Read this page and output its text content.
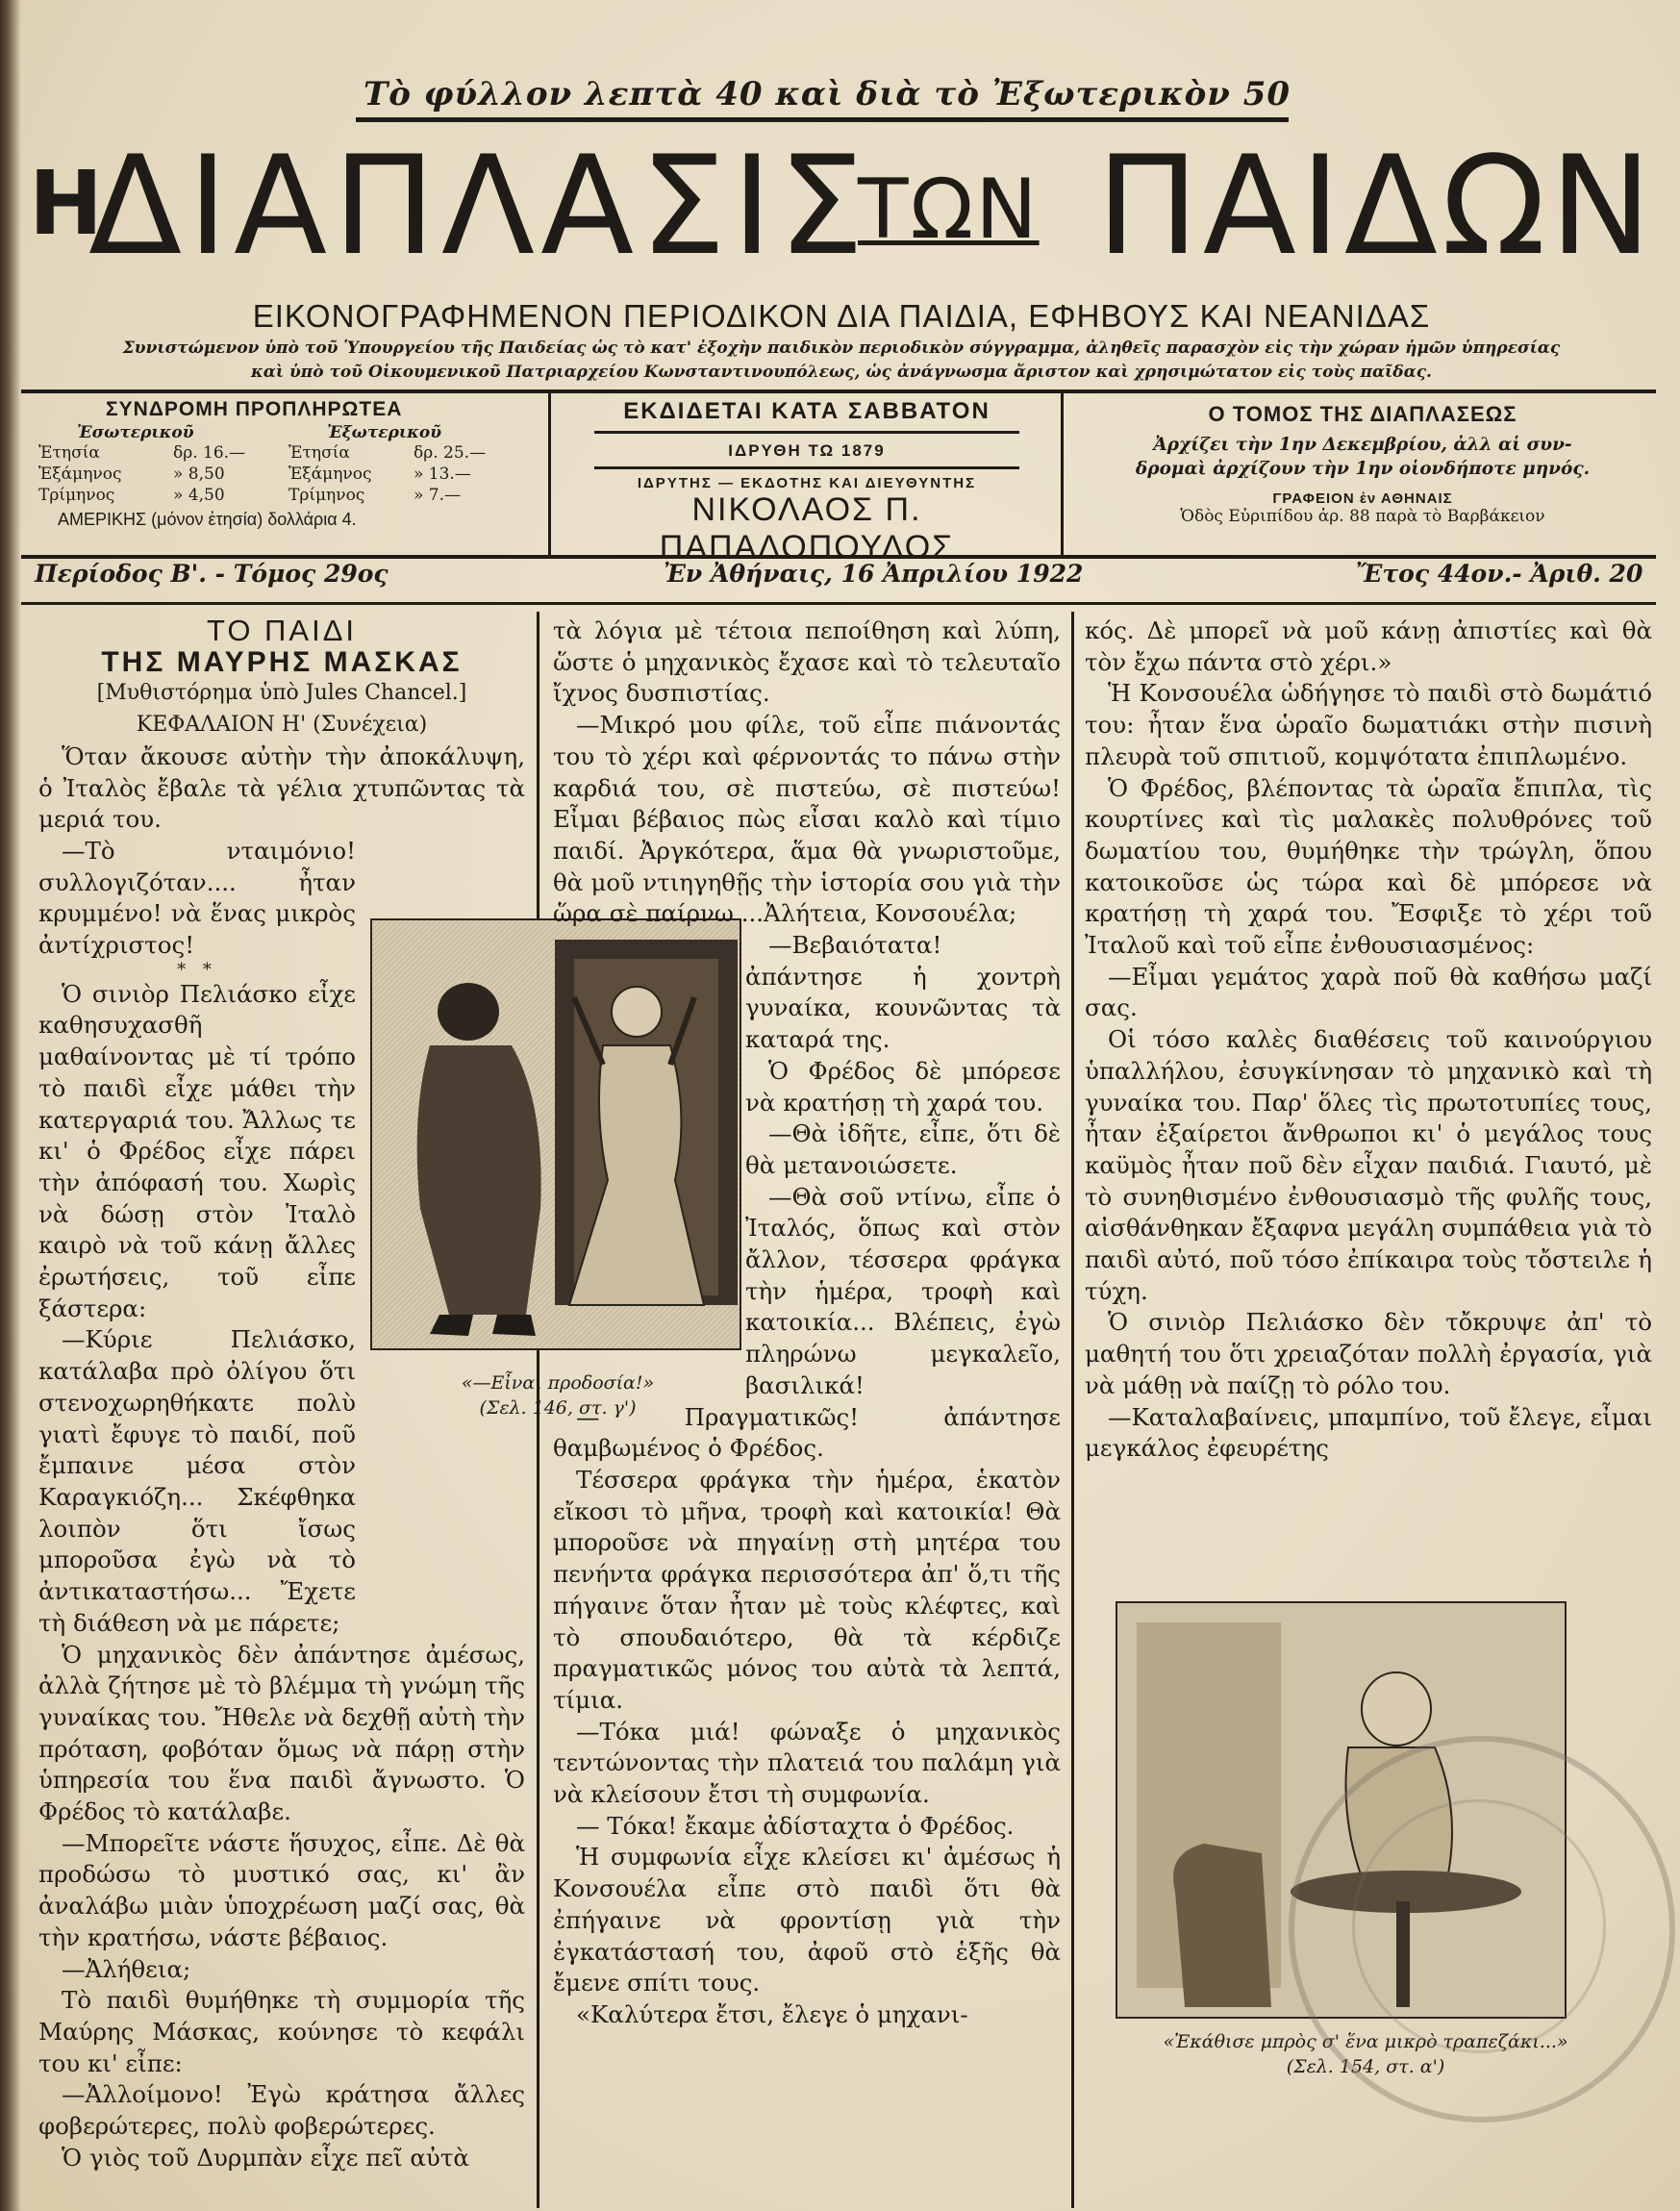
Τὸ φύλλον λεπτὰ 40 καὶ διὰ τὸ Ἐξωτερικὸν 50
Η
ΔΙΑΠΛΑΣΙΣ
ΤΩΝ ΠΑΙΔΩΝ
ΕΙΚΟΝΟΓΡΑΦΗΜΕΝΟΝ ΠΕΡΙΟΔΙΚΟΝ ΔΙΑ ΠΑΙΔΙΑ, ΕΦΗΒΟΥΣ ΚΑΙ ΝΕΑΝΙΔΑΣ
Συνιστώμενον ὑπὸ τοῦ Ὑπουργείου τῆς Παιδείας ὡς τὸ κατ' ἐξοχὴν παιδικὸν περιοδικὸν σύγγραμμα, ἀληθεῖς παρασχὸν εἰς τὴν χώραν ἡμῶν ὑπηρεσίας
καὶ ὑπὸ τοῦ Οἰκουμενικοῦ Πατριαρχείου Κωνσταντινουπόλεως, ὡς ἀνάγνωσμα ἄριστον καὶ χρησιμώτατον εἰς τοὺς παῖδας.
ΣΥΝΔΡΟΜΗ ΠΡΟΠΛΗΡΩΤΕΑ
Ἐσωτερικοῦ
Ἐτησία	δρ. 16.—
Ἑξάμηνος	» 8,50
Τρίμηνος	» 4,50
Ἐξωτερικοῦ
Ἐτησία	δρ. 25.—
Ἑξάμηνος	» 13.—
Τρίμηνος	» 7.—
ΑΜΕΡΙΚΗΣ (μόνον ἐτησία) δολλάρια 4.
ΕΚΔΙΔΕΤΑΙ ΚΑΤΑ ΣΑΒΒΑΤΟΝ
ΙΔΡΥΘΗ ΤΩ 1879
ΙΔΡΥΤΗΣ — ΕΚΔΟΤΗΣ ΚΑΙ ΔΙΕΥΘΥΝΤΗΣ
ΝΙΚΟΛΑΟΣ Π. ΠΑΠΑΔΟΠΟΥΛΟΣ
Ο ΤΟΜΟΣ ΤΗΣ ΔΙΑΠΛΑΣΕΩΣ
Ἀρχίζει τὴν 1ην Δεκεμβρίου, ἀλλ αἱ συν-
δρομαὶ ἀρχίζουν τὴν 1ην οἱονδήποτε μηνός.
ΓΡΑΦΕΙΟΝ ἐν ΑΘΗΝΑΙΣ
Ὁδὸς Εὐριπίδου ἀρ. 88 παρὰ τὸ Βαρβάκειον
Περίοδος Β'. - Τόμος 29ος	Ἐν Ἀθήναις, 16 Ἀπριλίου 1922	Ἔτος 44ον.- Ἀριθ. 20
ΤΟ ΠΑΙΔΙ
ΤΗΣ ΜΑΥΡΗΣ ΜΑΣΚΑΣ
[Μυθιστόρημα ὑπὸ Jules Chancel.]
ΚΕΦΑΛΑΙΟΝ Η' (Συνέχεια)

Ὅταν ἄκουσε αὐτὴν τὴν ἀποκάλυψη, ὁ Ἰταλὸς ἔβαλε τὰ γέλια χτυπῶντας τὰ μεριά του.

—Τὸ νταιμόνιο! συλλογιζόταν.... ἦταν κρυμμένο! νὰ ἕνας μικρὸς ἀντίχριστος!

* *

Ὁ σινιὸρ Πελιάσκο εἶχε καθησυχασθῆ μαθαίνοντας μὲ τί τρόπο τὸ παιδὶ εἶχε μάθει τὴν κατεργαριά του. Ἄλλως τε κι' ὁ Φρέδος εἶχε πάρει τὴν ἀπόφασή του. Χωρὶς νὰ δώσῃ στὸν Ἰταλὸ καιρὸ νὰ τοῦ κάνῃ ἄλλες ἐρωτήσεις, τοῦ εἶπε ξάστερα:

—Κύριε Πελιάσκο, κατάλαβα πρὸ ὀλίγου ὅτι στενοχωρηθήκατε πολὺ γιατὶ ἔφυγε τὸ παιδί, ποῦ ἔμπαινε μέσα στὸν Καραγκιόζη... Σκέφθηκα λοιπὸν ὅτι ἴσως μποροῦσα ἐγὼ νὰ τὸ ἀντικαταστήσω... Ἔχετε τὴ διάθεση νὰ με πάρετε;

Ὁ μηχανικὸς δὲν ἀπάντησε ἀμέσως, ἀλλὰ ζήτησε μὲ τὸ βλέμμα τὴ γνώμη τῆς γυναίκας του. Ἤθελε νὰ δεχθῇ αὐτὴ τὴν πρόταση, φοβόταν ὅμως νὰ πάρῃ στὴν ὑπηρεσία του ἕνα παιδὶ ἄγνωστο. Ὁ Φρέδος τὸ κατάλαβε.

—Μπορεῖτε νάστε ἥσυχος, εἶπε. Δὲ θὰ προδώσω τὸ μυστικό σας, κι' ἂν ἀναλάβω μιὰν ὑποχρέωση μαζί σας, θὰ τὴν κρατήσω, νάστε βέβαιος.

—Ἀλήθεια;

Τὸ παιδὶ θυμήθηκε τὴ συμμορία τῆς Μαύρης Μάσκας, κούνησε τὸ κεφάλι του κι' εἶπε:

—Ἀλλοίμονο! Ἐγὼ κράτησα ἄλλες φοβερώτερες, πολὺ φοβερώτερες.

Ὁ γιὸς τοῦ Δυρμπὰν εἶχε πεῖ αὐτὰ

«—Εἶναι προδοσία!»
(Σελ. 146, στ. γ')

τὰ λόγια μὲ τέτοια πεποίθηση καὶ λύπη, ὥστε ὁ μηχανικὸς ἔχασε καὶ τὸ τελευταῖο ἴχνος δυσπιστίας.

—Μικρό μου φίλε, τοῦ εἶπε πιάνοντάς του τὸ χέρι καὶ φέρνοντάς το πάνω στὴν καρδιά του, σὲ πιστεύω, σὲ πιστεύω! Εἶμαι βέβαιος πὼς εἶσαι καλὸ καὶ τίμιο παιδί. Ἀργκότερα, ἅμα θὰ γνωριστοῦμε, θὰ μοῦ ντιηγηθῇς τὴν ἱστορία σου γιὰ τὴν ὥρα σὲ παίρνω ...Ἀλήτεια, Κονσουέλα;

—Βεβαιότατα! ἀπάντησε ἡ χοντρὴ γυναίκα, κουνῶντας τὰ καταρά της.

Ὁ Φρέδος δὲ μπόρεσε νὰ κρατήσῃ τὴ χαρά του.

—Θὰ ἰδῆτε, εἶπε, ὅτι δὲ θὰ μετανοιώσετε.

—Θὰ σοῦ ντίνω, εἶπε ὁ Ἰταλός, ὅπως καὶ στὸν ἄλλον, τέσσερα φράγκα τὴν ἡμέρα, τροφὴ καὶ κατοικία... Βλέπεις, ἐγὼ πληρώνω μεγκαλεῖο, βασιλικά!

— Πραγματικῶς! ἀπάντησε θαμβωμένος ὁ Φρέδος.

Τέσσερα φράγκα τὴν ἡμέρα, ἑκατὸν εἴκοσι τὸ μῆνα, τροφὴ καὶ κατοικία! Θὰ μποροῦσε νὰ πηγαίνῃ στὴ μητέρα του πενήντα φράγκα περισσότερα ἀπ' ὅ,τι τῆς πήγαινε ὅταν ἦταν μὲ τοὺς κλέφτες, καὶ τὸ σπουδαιότερο, θὰ τὰ κέρδιζε πραγματικῶς μόνος του αὐτὰ τὰ λεπτά, τίμια.

—Τόκα μιά! φώναξε ὁ μηχανικὸς τεντώνοντας τὴν πλατειά του παλάμη γιὰ νὰ κλείσουν ἔτσι τὴ συμφωνία.

— Τόκα! ἔκαμε ἀδίσταχτα ὁ Φρέδος.

Ἡ συμφωνία εἶχε κλείσει κι' ἀμέσως ἡ Κονσουέλα εἶπε στὸ παιδὶ ὅτι θὰ ἐπήγαινε νὰ φροντίσῃ γιὰ τὴν ἐγκατάστασή του, ἀφοῦ στὸ ἑξῆς θὰ ἔμενε σπίτι τους.

«Καλύτερα ἔτσι, ἔλεγε ὁ μηχανι-

κός. Δὲ μπορεῖ νὰ μοῦ κάνῃ ἀπιστίες καὶ θὰ τὸν ἔχω πάντα στὸ χέρι.»

Ἡ Κονσουέλα ὡδήγησε τὸ παιδὶ στὸ δωμάτιό του: ἦταν ἕνα ὡραῖο δωματιάκι στὴν πισινὴ πλευρὰ τοῦ σπιτιοῦ, κομψότατα ἐπιπλωμένο.

Ὁ Φρέδος, βλέποντας τὰ ὡραῖα ἔπιπλα, τὶς κουρτίνες καὶ τὶς μαλακὲς πολυθρόνες τοῦ δωματίου του, θυμήθηκε τὴν τρώγλη, ὅπου κατοικοῦσε ὡς τώρα καὶ δὲ μπόρεσε νὰ κρατήσῃ τὴ χαρά του. Ἔσφιξε τὸ χέρι τοῦ Ἰταλοῦ καὶ τοῦ εἶπε ἐνθουσιασμένος:

—Εἶμαι γεμάτος χαρὰ ποῦ θὰ καθήσω μαζί σας.

Οἱ τόσο καλὲς διαθέσεις τοῦ καινούργιου ὑπαλλήλου, ἐσυγκίνησαν τὸ μηχανικὸ καὶ τὴ γυναίκα του. Παρ' ὅλες τὶς πρωτοτυπίες τους, ἦταν ἐξαίρετοι ἄνθρωποι κι' ὁ μεγάλος τους καϋμὸς ἦταν ποῦ δὲν εἶχαν παιδιά. Γιαυτό, μὲ τὸ συνηθισμένο ἐνθουσιασμὸ τῆς φυλῆς τους, αἰσθάνθηκαν ἔξαφνα μεγάλη συμπάθεια γιὰ τὸ παιδὶ αὐτό, ποῦ τόσο ἐπίκαιρα τοὺς τὄστειλε ἡ τύχη.

Ὁ σινιὸρ Πελιάσκο δὲν τὄκρυψε ἀπ' τὸ μαθητή του ὅτι χρειαζόταν πολλὴ ἐργασία, γιὰ νὰ μάθῃ νὰ παίζῃ τὸ ρόλο του.

—Καταλαβαίνεις, μπαμπίνο, τοῦ ἔλεγε, εἶμαι μεγκάλος ἐφευρέτης

«Ἐκάθισε μπρὸς σ' ἕνα μικρὸ τραπεζάκι...»
(Σελ. 154, στ. α')
